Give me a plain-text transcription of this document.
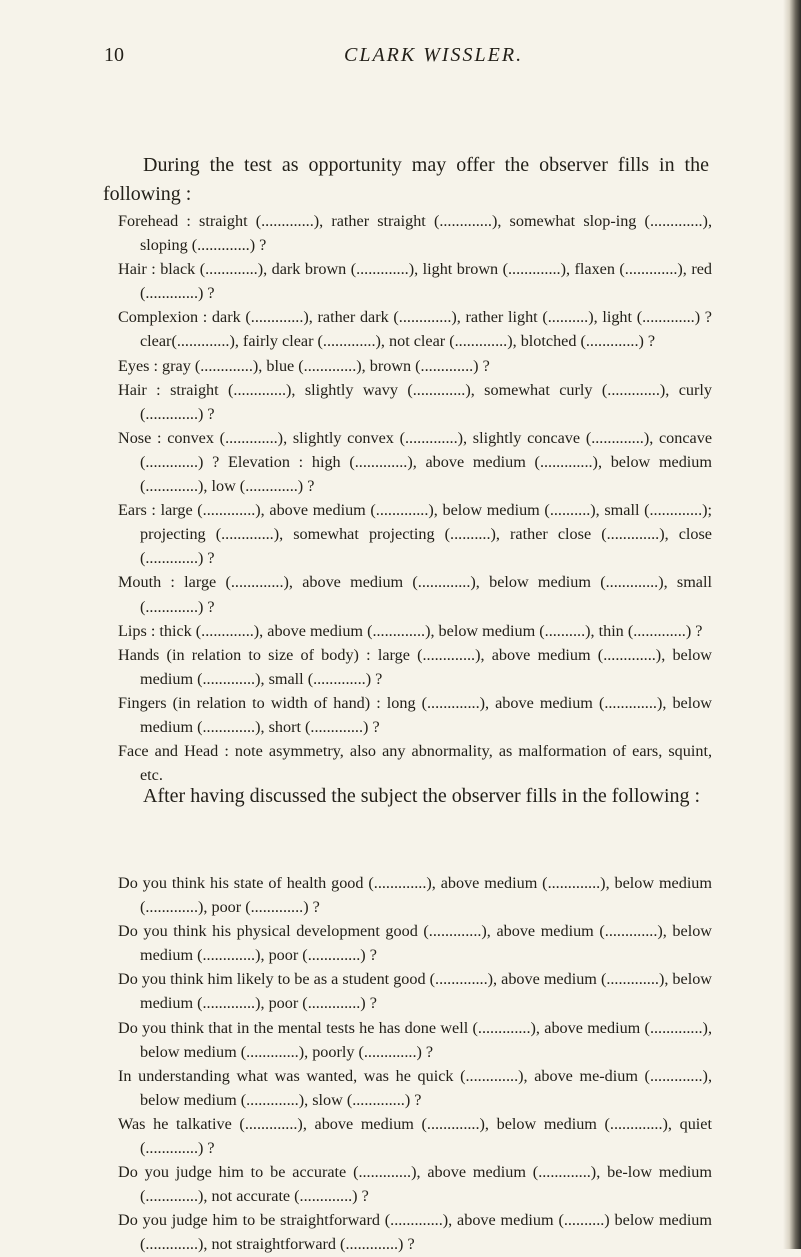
10	CLARK WISSLER.

During the test as opportunity may offer the observer fills in the following :

Forehead : straight (.............), rather straight (.............), somewhat slop-ing (.............), sloping (.............) ?

Hair : black (.............), dark brown (.............), light brown (.............), flaxen (.............), red (.............) ?

Complexion : dark (.............), rather dark (.............), rather light (..........), light (.............) ? clear(.............), fairly clear (.............), not clear (.............), blotched (.............) ?

Eyes : gray (.............), blue (.............), brown (.............) ?

Hair : straight (.............), slightly wavy (.............), somewhat curly (.............), curly (.............) ?

Nose : convex (.............), slightly convex (.............), slightly concave (.............), concave (.............) ? Elevation : high (.............), above medium (.............), below medium (.............), low (.............) ?

Ears : large (.............), above medium (.............), below medium (..........), small (.............); projecting (.............), somewhat projecting (..........), rather close (.............), close (.............) ?

Mouth : large (.............), above medium (.............), below medium (.............), small (.............) ?

Lips : thick (.............), above medium (.............), below medium (..........), thin (.............) ?

Hands (in relation to size of body) : large (.............), above medium (.............), below medium (.............), small (.............) ?

Fingers (in relation to width of hand) : long (.............), above medium (.............), below medium (.............), short (.............) ?

Face and Head : note asymmetry, also any abnormality, as malformation of ears, squint, etc.

After having discussed the subject the observer fills in the following :

Do you think his state of health good (.............), above medium (.............), below medium (.............), poor (.............) ?

Do you think his physical development good (.............), above medium (.............), below medium (.............), poor (.............) ?

Do you think him likely to be as a student good (.............), above medium (.............), below medium (.............), poor (.............) ?

Do you think that in the mental tests he has done well (.............), above medium (.............), below medium (.............), poorly (.............) ?

In understanding what was wanted, was he quick (.............), above me-dium (.............), below medium (.............), slow (.............) ?

Was he talkative (.............), above medium (.............), below medium (.............), quiet (.............) ?

Do you judge him to be accurate (.............), above medium (.............), be-low medium (.............), not accurate (.............) ?

Do you judge him to be straightforward (.............), above medium (..........) below medium (.............), not straightforward (.............) ?
